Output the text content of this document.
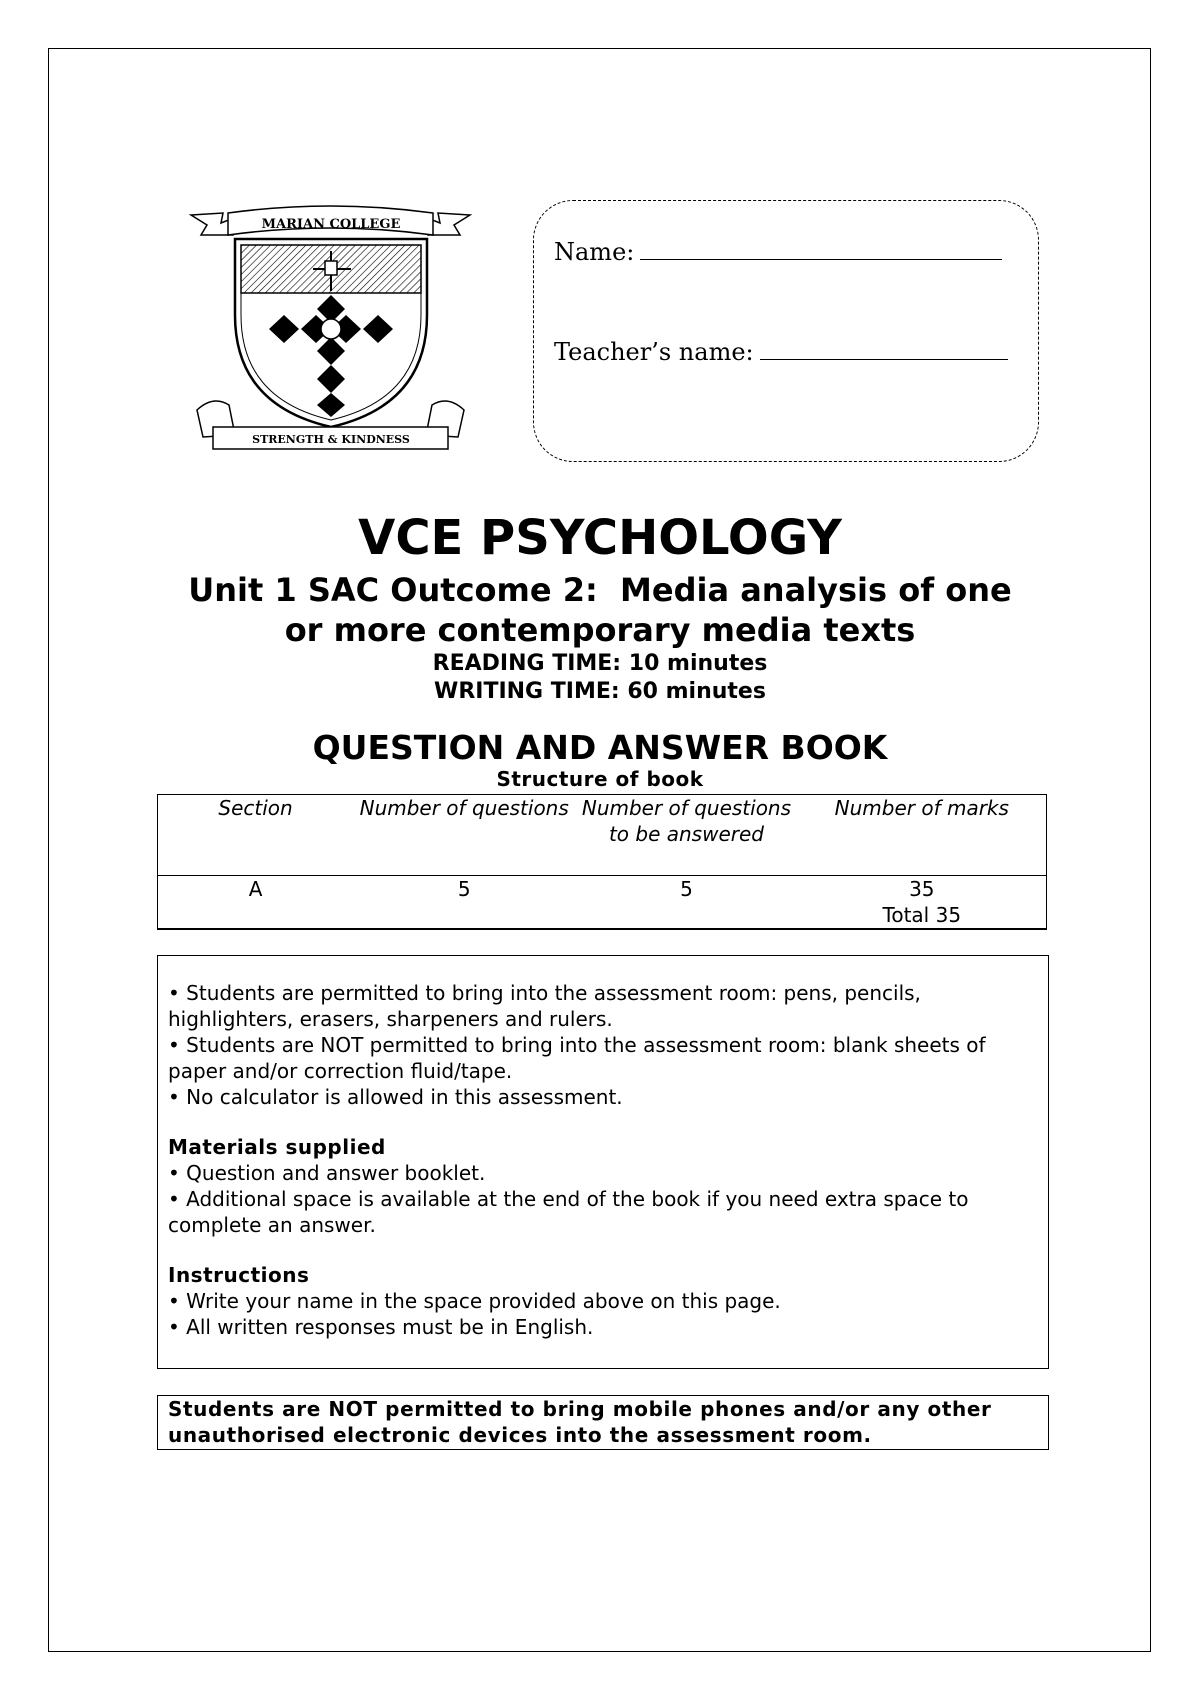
MARIAN COLLEGE
STRENGTH & KINDNESS
Name:
Teacher’s name:
VCE PSYCHOLOGY
Unit 1 SAC Outcome 2:  Media analysis of one
or more contemporary media texts
READING TIME: 10 minutes
WRITING TIME: 60 minutes
QUESTION AND ANSWER BOOK
Structure of book
Section	Number of questions	Number of questions to be answered	Number of marks
A	5	5	35
Total 35

• Students are permitted to bring into the assessment room: pens, pencils, highlighters, erasers, sharpeners and rulers.

• Students are NOT permitted to bring into the assessment room: blank sheets of paper and/or correction fluid/tape.

• No calculator is allowed in this assessment.

Materials supplied

• Question and answer booklet.

• Additional space is available at the end of the book if you need extra space to complete an answer.

Instructions

• Write your name in the space provided above on this page.

• All written responses must be in English.

Students are NOT permitted to bring mobile phones and/or any other unauthorised electronic devices into the assessment room.
